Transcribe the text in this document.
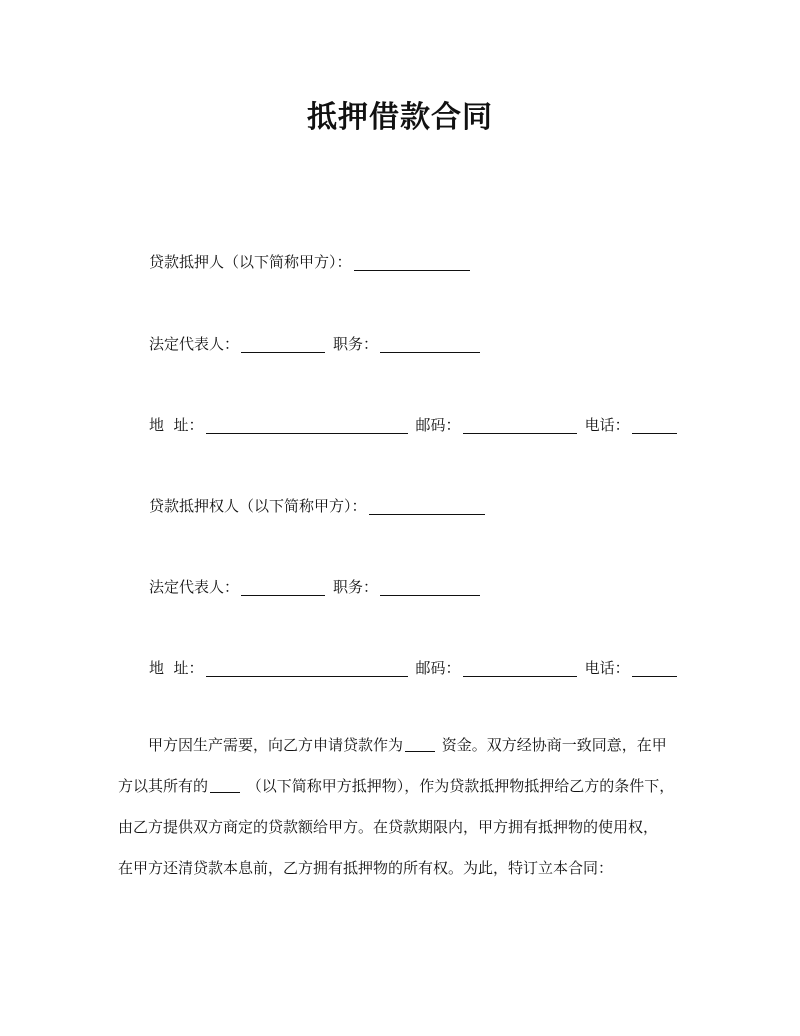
抵押借款合同
贷款抵押人（以下简称甲方）：
法定代表人：	职务：
地  址：	邮码：	电话：
贷款抵押权人（以下简称甲方）：
法定代表人：	职务：
地  址：	邮码：	电话：

甲方因生产需要，向乙方申请贷款作为	资金。双方经协商一致同意，在甲

方以其所有的	（以下简称甲方抵押物），作为贷款抵押物抵押给乙方的条件下，

由乙方提供双方商定的贷款额给甲方。在贷款期限内，甲方拥有抵押物的使用权，

在甲方还清贷款本息前，乙方拥有抵押物的所有权。为此，特订立本合同：
